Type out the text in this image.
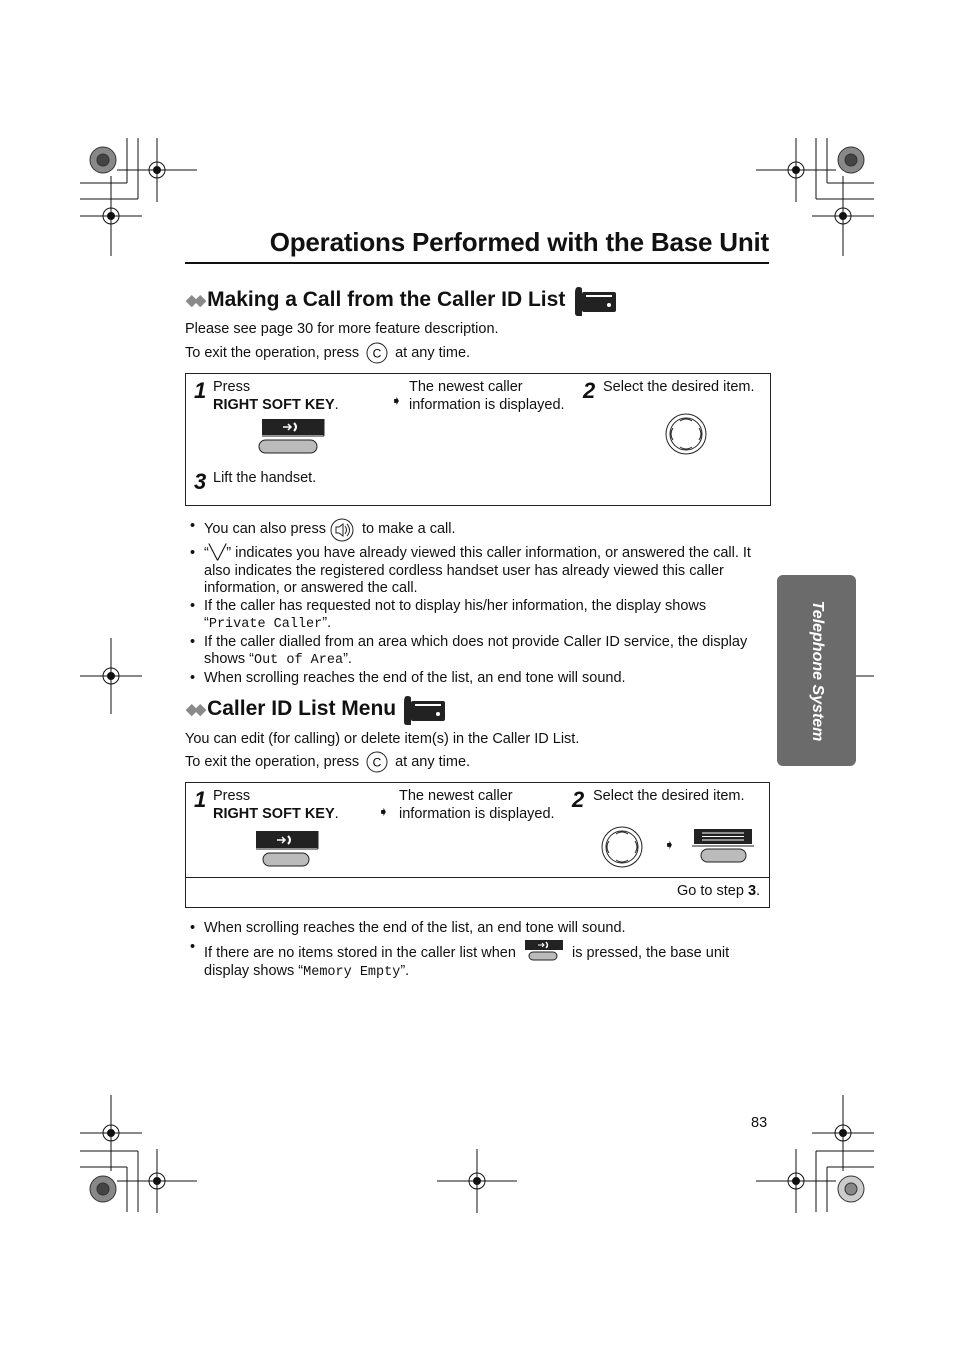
Operations Performed with the Base Unit
◆◆ Making a Call from the Caller ID List
Please see page 30 for more feature description.
To exit the operation, press C at any time.
1 Press
RIGHT SOFT KEY.	➧
The newest caller
information is displayed.
2 Select the desired item.
3 Lift the handset.
• You can also press to make a call.
• “╲╱” indicates you have already viewed this caller information, or answered the call. It also indicates the registered cordless handset user has already viewed this caller information, or answered the call.
• If the caller has requested not to display his/her information, the display shows “Private Caller”.
• If the caller dialled from an area which does not provide Caller ID service, the display shows “Out of Area”.
• When scrolling reaches the end of the list, an end tone will sound.
◆◆ Caller ID List Menu
You can edit (for calling) or delete item(s) in the Caller ID List.
To exit the operation, press C at any time.
1 Press
RIGHT SOFT KEY.	➧
The newest caller
information is displayed.
2 Select the desired item.
➧
Go to step 3.
• When scrolling reaches the end of the list, an end tone will sound.
• If there are no items stored in the caller list when	is pressed, the base unit display shows “Memory Empty”.
Telephone System
83
